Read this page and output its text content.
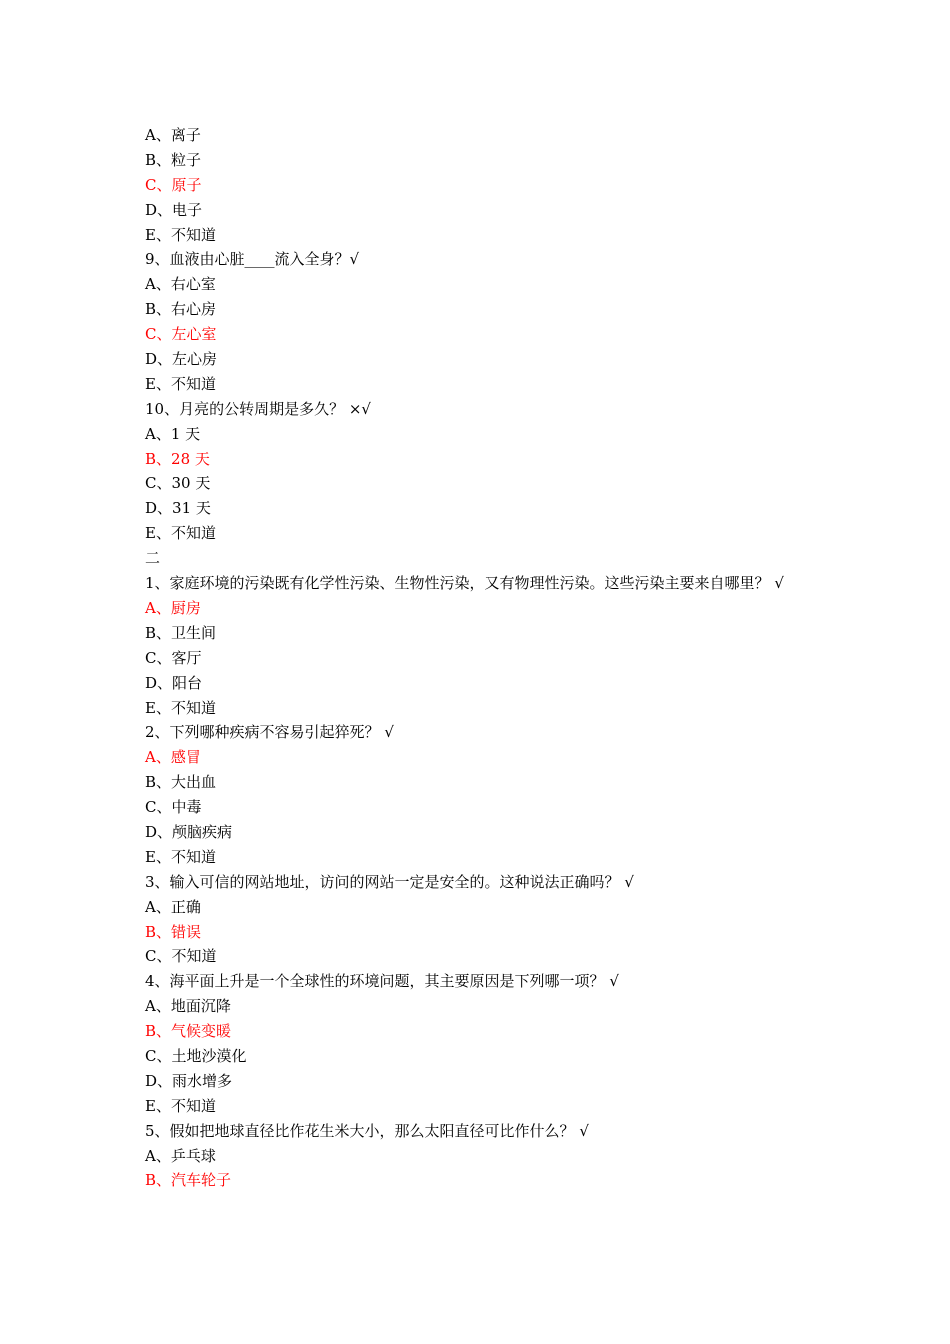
A、离子
B、粒子
C、原子
D、电子
E、不知道
9、血液由心脏____流入全身？√
A、右心室
B、右心房
C、左心室
D、左心房
E、不知道
10、月亮的公转周期是多久？ ×√
A、1 天
B、28 天
C、30 天
D、31 天
E、不知道
二
1、家庭环境的污染既有化学性污染、生物性污染，又有物理性污染。这些污染主要来自哪里？ √
A、厨房
B、卫生间
C、客厅
D、阳台
E、不知道
2、下列哪种疾病不容易引起猝死？ √
A、感冒
B、大出血
C、中毒
D、颅脑疾病
E、不知道
3、输入可信的网站地址，访问的网站一定是安全的。这种说法正确吗？ √
A、正确
B、错误
C、不知道
4、海平面上升是一个全球性的环境问题，其主要原因是下列哪一项？ √
A、地面沉降
B、气候变暖
C、土地沙漠化
D、雨水增多
E、不知道
5、假如把地球直径比作花生米大小，那么太阳直径可比作什么？ √
A、乒乓球
B、汽车轮子
